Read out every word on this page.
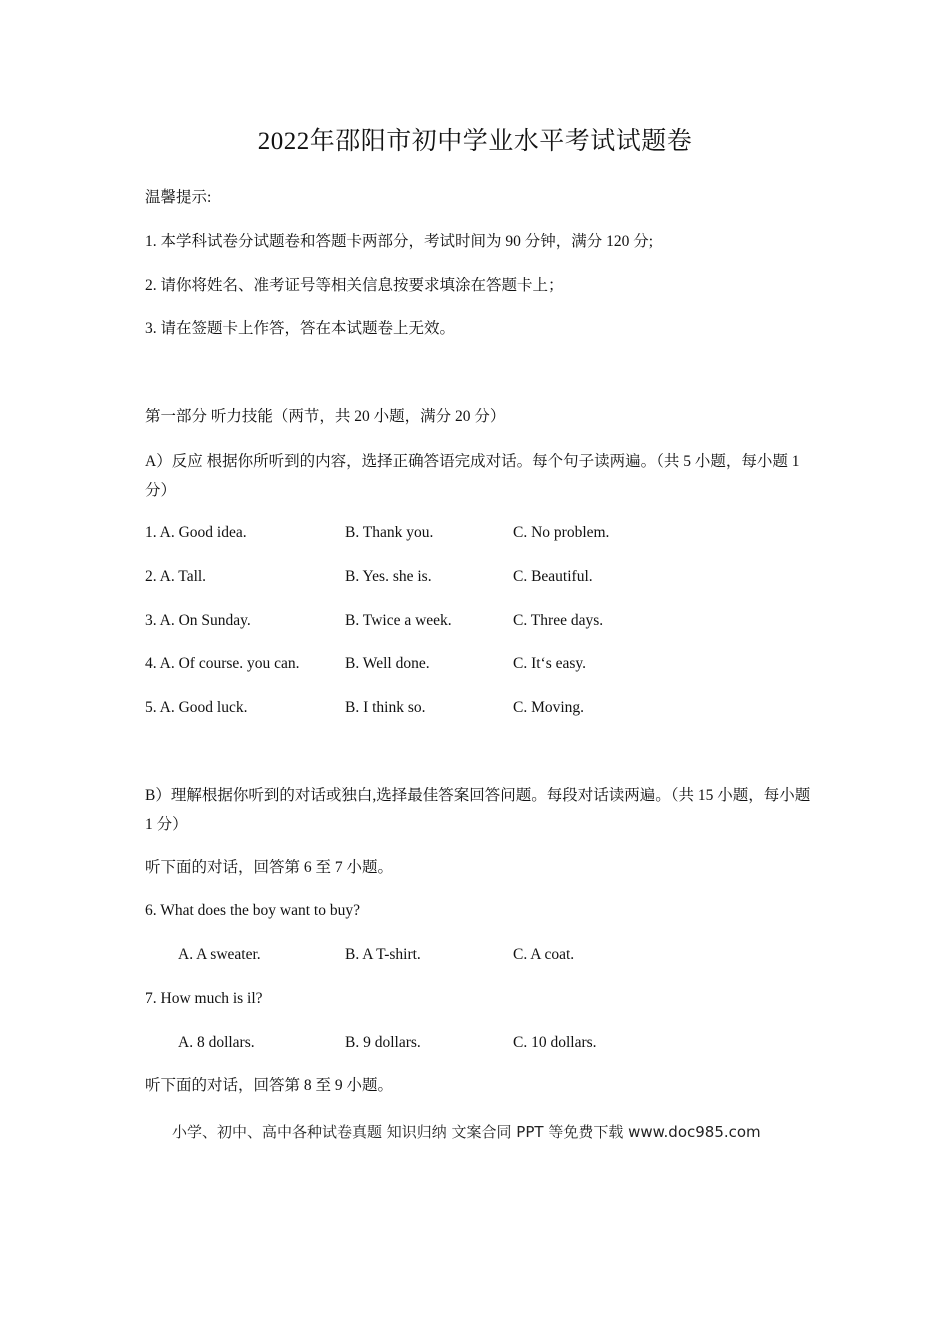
2022年邵阳市初中学业水平考试试题卷
温馨提示:
1. 本学科试卷分试题卷和答题卡两部分，考试时间为 90 分钟，满分 120 分;
2. 请你将姓名、准考证号等相关信息按要求填涂在答题卡上；
3. 请在签题卡上作答，答在本试题卷上无效。
第一部分 听力技能（两节，共 20 小题，满分 20 分）
A）反应 根据你所听到的内容，选择正确答语完成对话。每个句子读两遍。（共 5 小题，每小题 1 分）
1. A. Good idea.	B. Thank you.	C. No problem.
2. A. Tall.	B. Yes. she is.	C. Beautiful.
3. A. On Sunday.	B. Twice a week.	C. Three days.
4. A. Of course. you can.	B. Well done.	C. It‘s easy.
5. A. Good luck.	B. I think so.	C. Moving.
B）理解根据你听到的对话或独白,选择最佳答案回答问题。每段对话读两遍。（共 15 小题，每小题 1 分）
听下面的对话，回答第 6 至 7 小题。
6. What does the boy want to buy?
A. A sweater.	B. A T-shirt.	C. A coat.
7. How much is il?
A. 8 dollars.	B. 9 dollars.	C. 10 dollars.
听下面的对话，回答第 8 至 9 小题。
小学、初中、高中各种试卷真题 知识归纳 文案合同 PPT 等免费下载 www.doc985.com
